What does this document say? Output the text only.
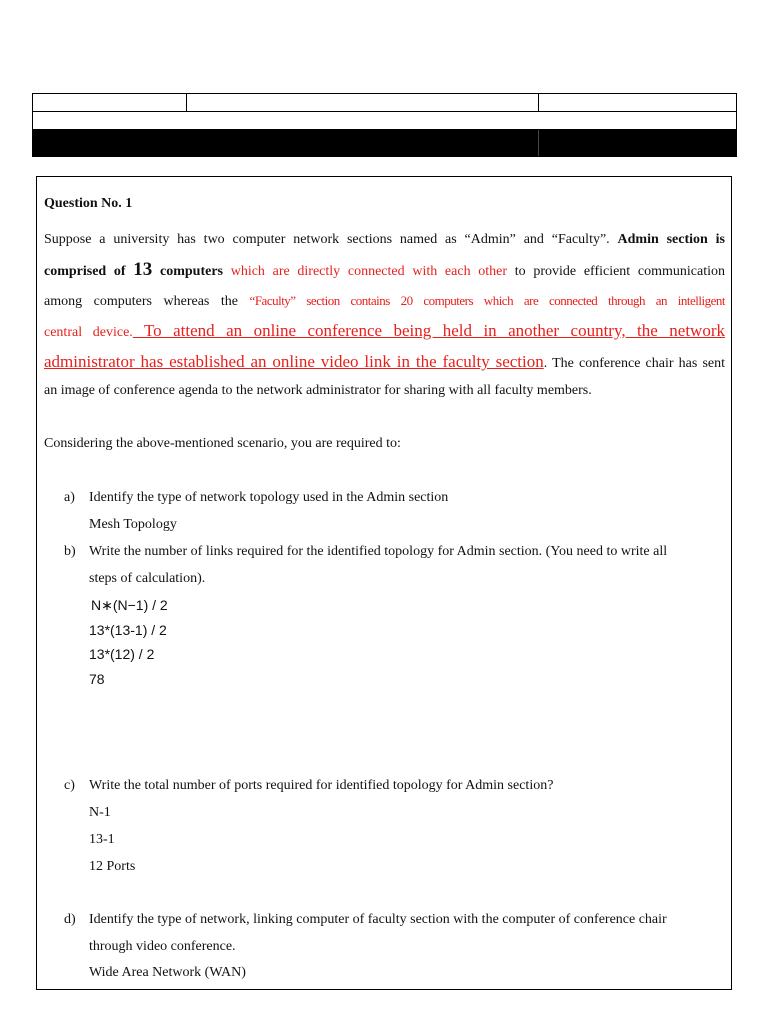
Question No. 1
Suppose a university has two computer network sections named as “Admin” and “Faculty”. Admin section is
comprised of 13 computers which are directly connected with each other to provide efficient communication
among computers whereas the “Faculty” section contains 20 computers which are connected through an intelligent
central device. To attend an online conference being held in another country, the network
administrator has established an online video link in the faculty section. The conference chair has sent
an image of conference agenda to the network administrator for sharing with all faculty members.
Considering the above-mentioned scenario, you are required to:
a) Identify the type of network topology used in the Admin section
Mesh Topology
b) Write the number of links required for the identified topology for Admin section. (You need to write all
steps of calculation).
N∗(N−1) / 2
13*(13-1) / 2
13*(12) / 2
78
c) Write the total number of ports required for identified topology for Admin section?
N-1
13-1
12 Ports
d) Identify the type of network, linking computer of faculty section with the computer of conference chair
through video conference.
Wide Area Network (WAN)
